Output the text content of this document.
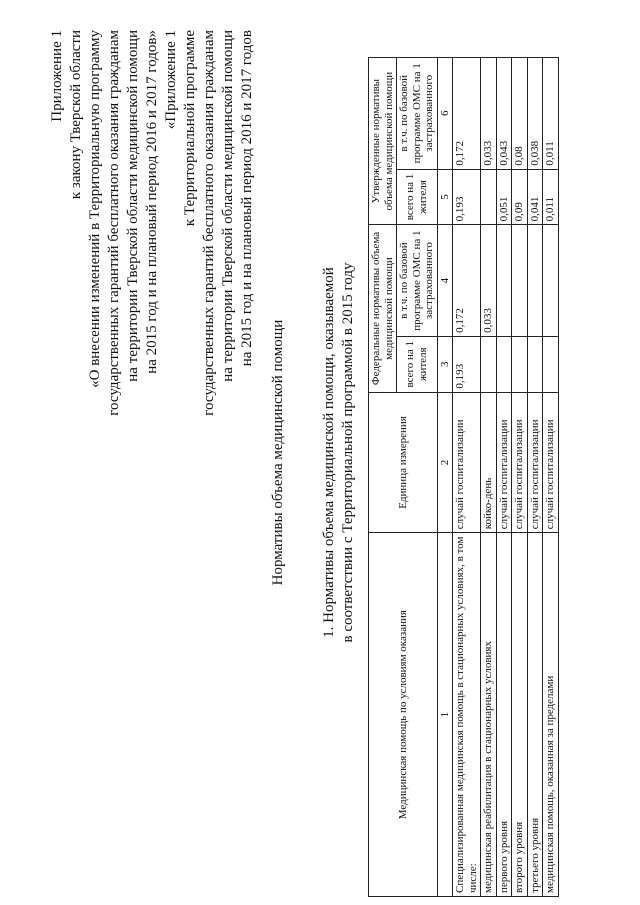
Приложение 1 к закону Тверской области «О внесении изменений в Территориальную программу государственных гарантий бесплатного оказания гражданам на территории Тверской области медицинской помощи на 2015 год и на плановый период 2016 и 2017 годов» «Приложение 1 к Территориальной программе государственных гарантий бесплатного оказания гражданам на территории Тверской области медицинской помощи на 2015 год и на плановый период 2016 и 2017 годов
Нормативы объема медицинской помощи 1. Нормативы объема медицинской помощи, оказываемой в соответствии с Территориальной программой в 2015 году
Медицинская помощь по условиям оказания	Единица измерения	Федеральные нормативы объема медицинской помощи		Утвержденные нормативы объема медицинской помощи	
		всего на 1 жителя	в т.ч. по базовой программе ОМС на 1 застрахованного	всего на 1 жителя	в т.ч. по базовой программе ОМС на 1 застрахованного
1	2	3	4	5	6
Специализированная медицинская помощь в стационарных условиях, в том числе:	случай госпитализации	0,193	0,172	0,193	0,172
медицинская реабилитация в стационарных условиях	койко-день		0,033		0,033
первого уровня	случай госпитализации			0,051	0,043
второго уровня	случай госпитализации			0,09	0,08
третьего уровня	случай госпитализации			0,041	0,038
медицинская помощь, оказанная за пределами	случай госпитализации			0,011	0,011
